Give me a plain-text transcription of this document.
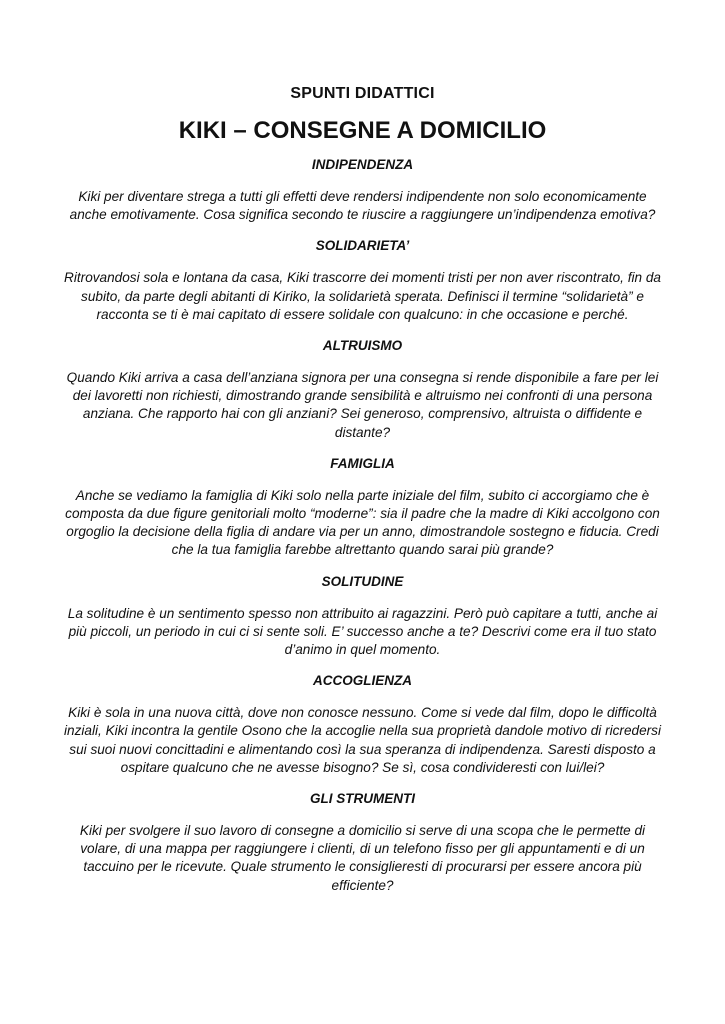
SPUNTI DIDATTICI
KIKI – CONSEGNE A DOMICILIO
INDIPENDENZA

Kiki per diventare strega a tutti gli effetti deve rendersi indipendente non solo economicamente anche emotivamente. Cosa significa secondo te riuscire a raggiungere un’indipendenza emotiva?

SOLIDARIETA’

Ritrovandosi sola e lontana da casa, Kiki trascorre dei momenti tristi per non aver riscontrato, fin da subito, da parte degli abitanti di Kiriko, la solidarietà sperata. Definisci il termine “solidarietà” e racconta se ti è mai capitato di essere solidale con qualcuno: in che occasione e perché.

ALTRUISMO

Quando Kiki arriva a casa dell’anziana signora per una consegna si rende disponibile a fare per lei dei lavoretti non richiesti, dimostrando grande sensibilità e altruismo nei confronti di una persona anziana. Che rapporto hai con gli anziani? Sei generoso, comprensivo, altruista o diffidente e distante?

FAMIGLIA

Anche se vediamo la famiglia di Kiki solo nella parte iniziale del film, subito ci accorgiamo che è composta da due figure genitoriali molto “moderne”: sia il padre che la madre di Kiki accolgono con orgoglio la decisione della figlia di andare via per un anno, dimostrandole sostegno e fiducia. Credi che la tua famiglia farebbe altrettanto quando sarai più grande?

SOLITUDINE

La solitudine è un sentimento spesso non attribuito ai ragazzini. Però può capitare a tutti, anche ai più piccoli, un periodo in cui ci si sente soli. E’ successo anche a te? Descrivi come era il tuo stato d’animo in quel momento.

ACCOGLIENZA

Kiki è sola in una nuova città, dove non conosce nessuno. Come si vede dal film, dopo le difficoltà inziali, Kiki incontra la gentile Osono che la accoglie nella sua proprietà dandole motivo di ricredersi sui suoi nuovi concittadini e alimentando così la sua speranza di indipendenza. Saresti disposto a ospitare qualcuno che ne avesse bisogno? Se sì, cosa condivideresti con lui/lei?

GLI STRUMENTI

Kiki per svolgere il suo lavoro di consegne a domicilio si serve di una scopa che le permette di volare, di una mappa per raggiungere i clienti, di un telefono fisso per gli appuntamenti e di un taccuino per le ricevute. Quale strumento le consiglieresti di procurarsi per essere ancora più efficiente?
